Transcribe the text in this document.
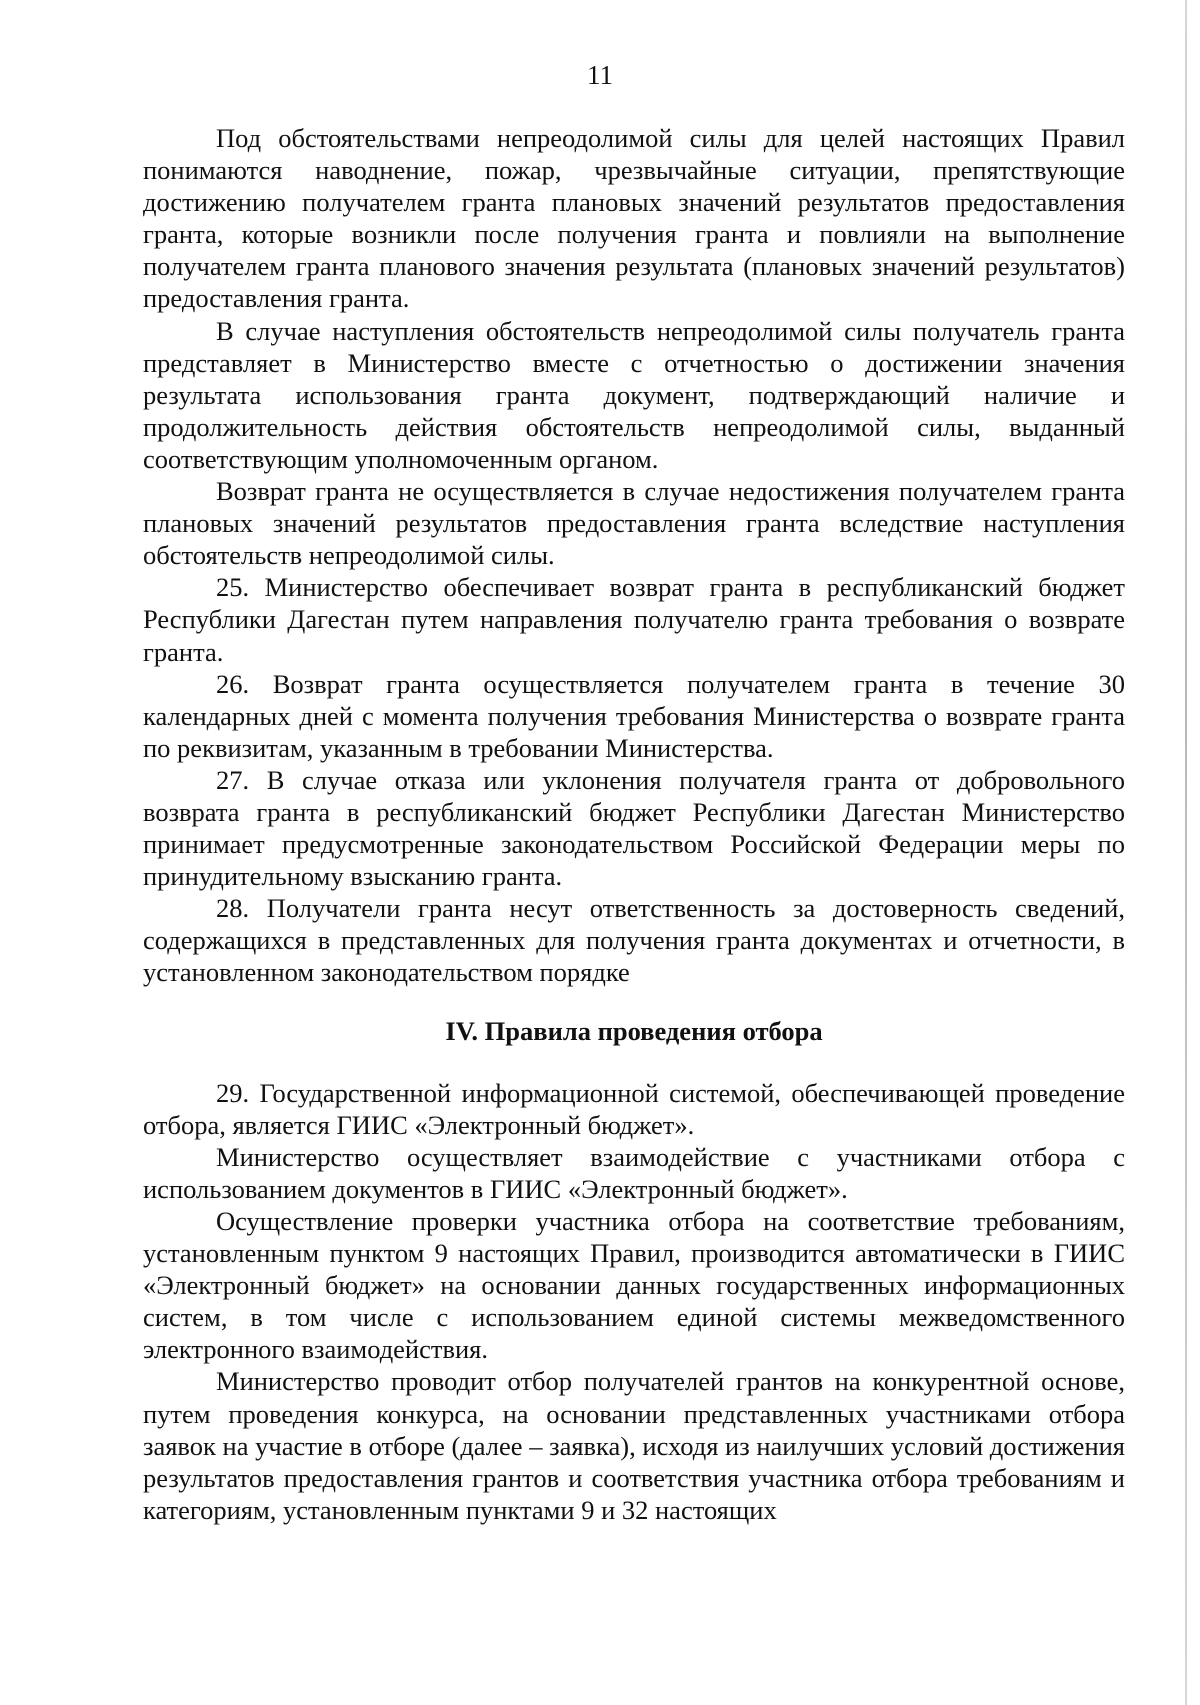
11

Под обстоятельствами непреодолимой силы для целей настоящих Правил понимаются наводнение, пожар, чрезвычайные ситуации, препятствующие достижению получателем гранта плановых значений результатов предоставления гранта, которые возникли после получения гранта и повлияли на выполнение получателем гранта планового значения результата (плановых значений результатов) предоставления гранта.

В случае наступления обстоятельств непреодолимой силы получатель гранта представляет в Министерство вместе с отчетностью о достижении значения результата использования гранта документ, подтверждающий наличие и продолжительность действия обстоятельств непреодолимой силы, выданный соответствующим уполномоченным органом.

Возврат гранта не осуществляется в случае недостижения получателем гранта плановых значений результатов предоставления гранта вследствие наступления обстоятельств непреодолимой силы.

25. Министерство обеспечивает возврат гранта в республиканский бюджет Республики Дагестан путем направления получателю гранта требования о возврате гранта.

26. Возврат гранта осуществляется получателем гранта в течение 30 календарных дней с момента получения требования Министерства о возврате гранта по реквизитам, указанным в требовании Министерства.

27. В случае отказа или уклонения получателя гранта от добровольного возврата гранта в республиканский бюджет Республики Дагестан Министерство принимает предусмотренные законодательством Российской Федерации меры по принудительному взысканию гранта.

28. Получатели гранта несут ответственность за достоверность сведений, содержащихся в представленных для получения гранта документах и отчетности, в установленном законодательством порядке

IV. Правила проведения отбора

29. Государственной информационной системой, обеспечивающей проведение отбора, является ГИИС «Электронный бюджет».

Министерство осуществляет взаимодействие с участниками отбора с использованием документов в ГИИС «Электронный бюджет».

Осуществление проверки участника отбора на соответствие требованиям, установленным пунктом 9 настоящих Правил, производится автоматически в ГИИС «Электронный бюджет» на основании данных государственных информационных систем, в том числе с использованием единой системы межведомственного электронного взаимодействия.

Министерство проводит отбор получателей грантов на конкурентной основе, путем проведения конкурса, на основании представленных участниками отбора заявок на участие в отборе (далее – заявка), исходя из наилучших условий достижения результатов предоставления грантов и соответствия участника отбора требованиям и категориям, установленным пунктами 9 и 32 настоящих
